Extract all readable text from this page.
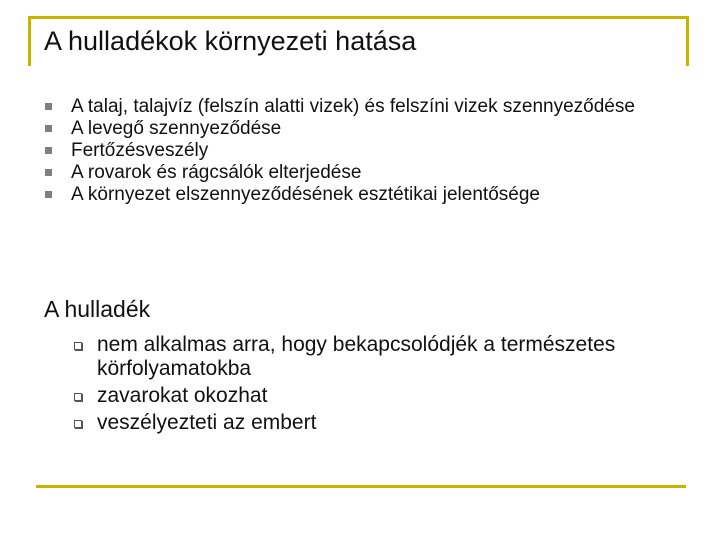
A hulladékok környezeti hatása
A talaj, talajvíz (felszín alatti vizek) és felszíni vizek szennyeződése
A levegő szennyeződése
Fertőzésveszély
A rovarok és rágcsálók elterjedése
A környezet elszennyeződésének esztétikai jelentősége

A hulladék

nem alkalmas arra, hogy bekapcsolódjék a természetes körfolyamatokba
zavarokat okozhat
veszélyezteti az embert
